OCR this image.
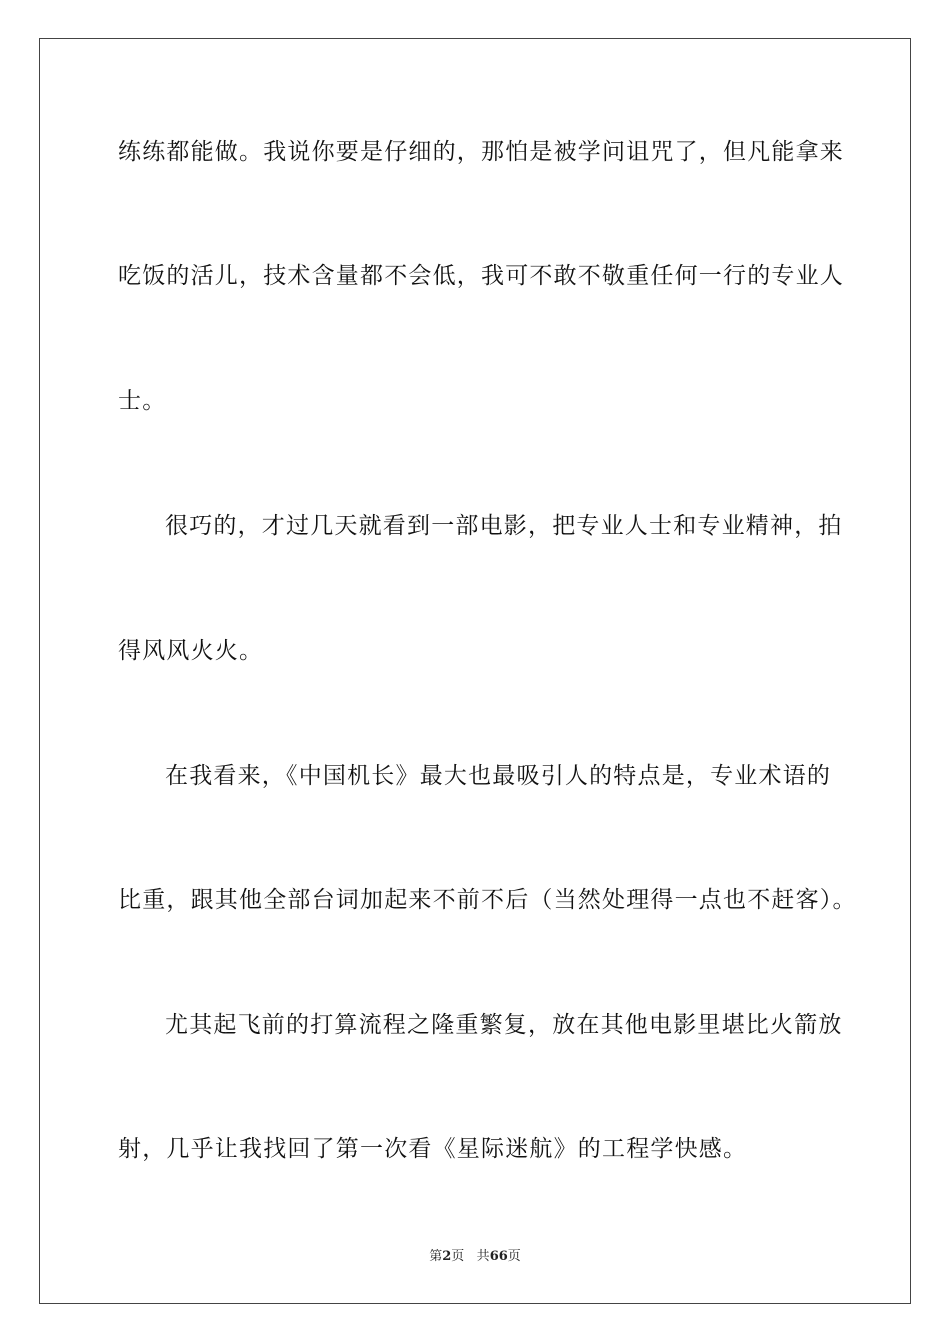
练练都能做。我说你要是仔细的，那怕是被学问诅咒了，但凡能拿来
吃饭的活儿，技术含量都不会低，我可不敢不敬重任何一行的专业人
士。
很巧的，才过几天就看到一部电影，把专业人士和专业精神，拍
得风风火火。
在我看来，《中国机长》最大也最吸引人的特点是，专业术语的
比重，跟其他全部台词加起来不前不后（当然处理得一点也不赶客）。
尤其起飞前的打算流程之隆重繁复，放在其他电影里堪比火箭放
射，几乎让我找回了第一次看《星际迷航》的工程学快感。
第2页 共66页
